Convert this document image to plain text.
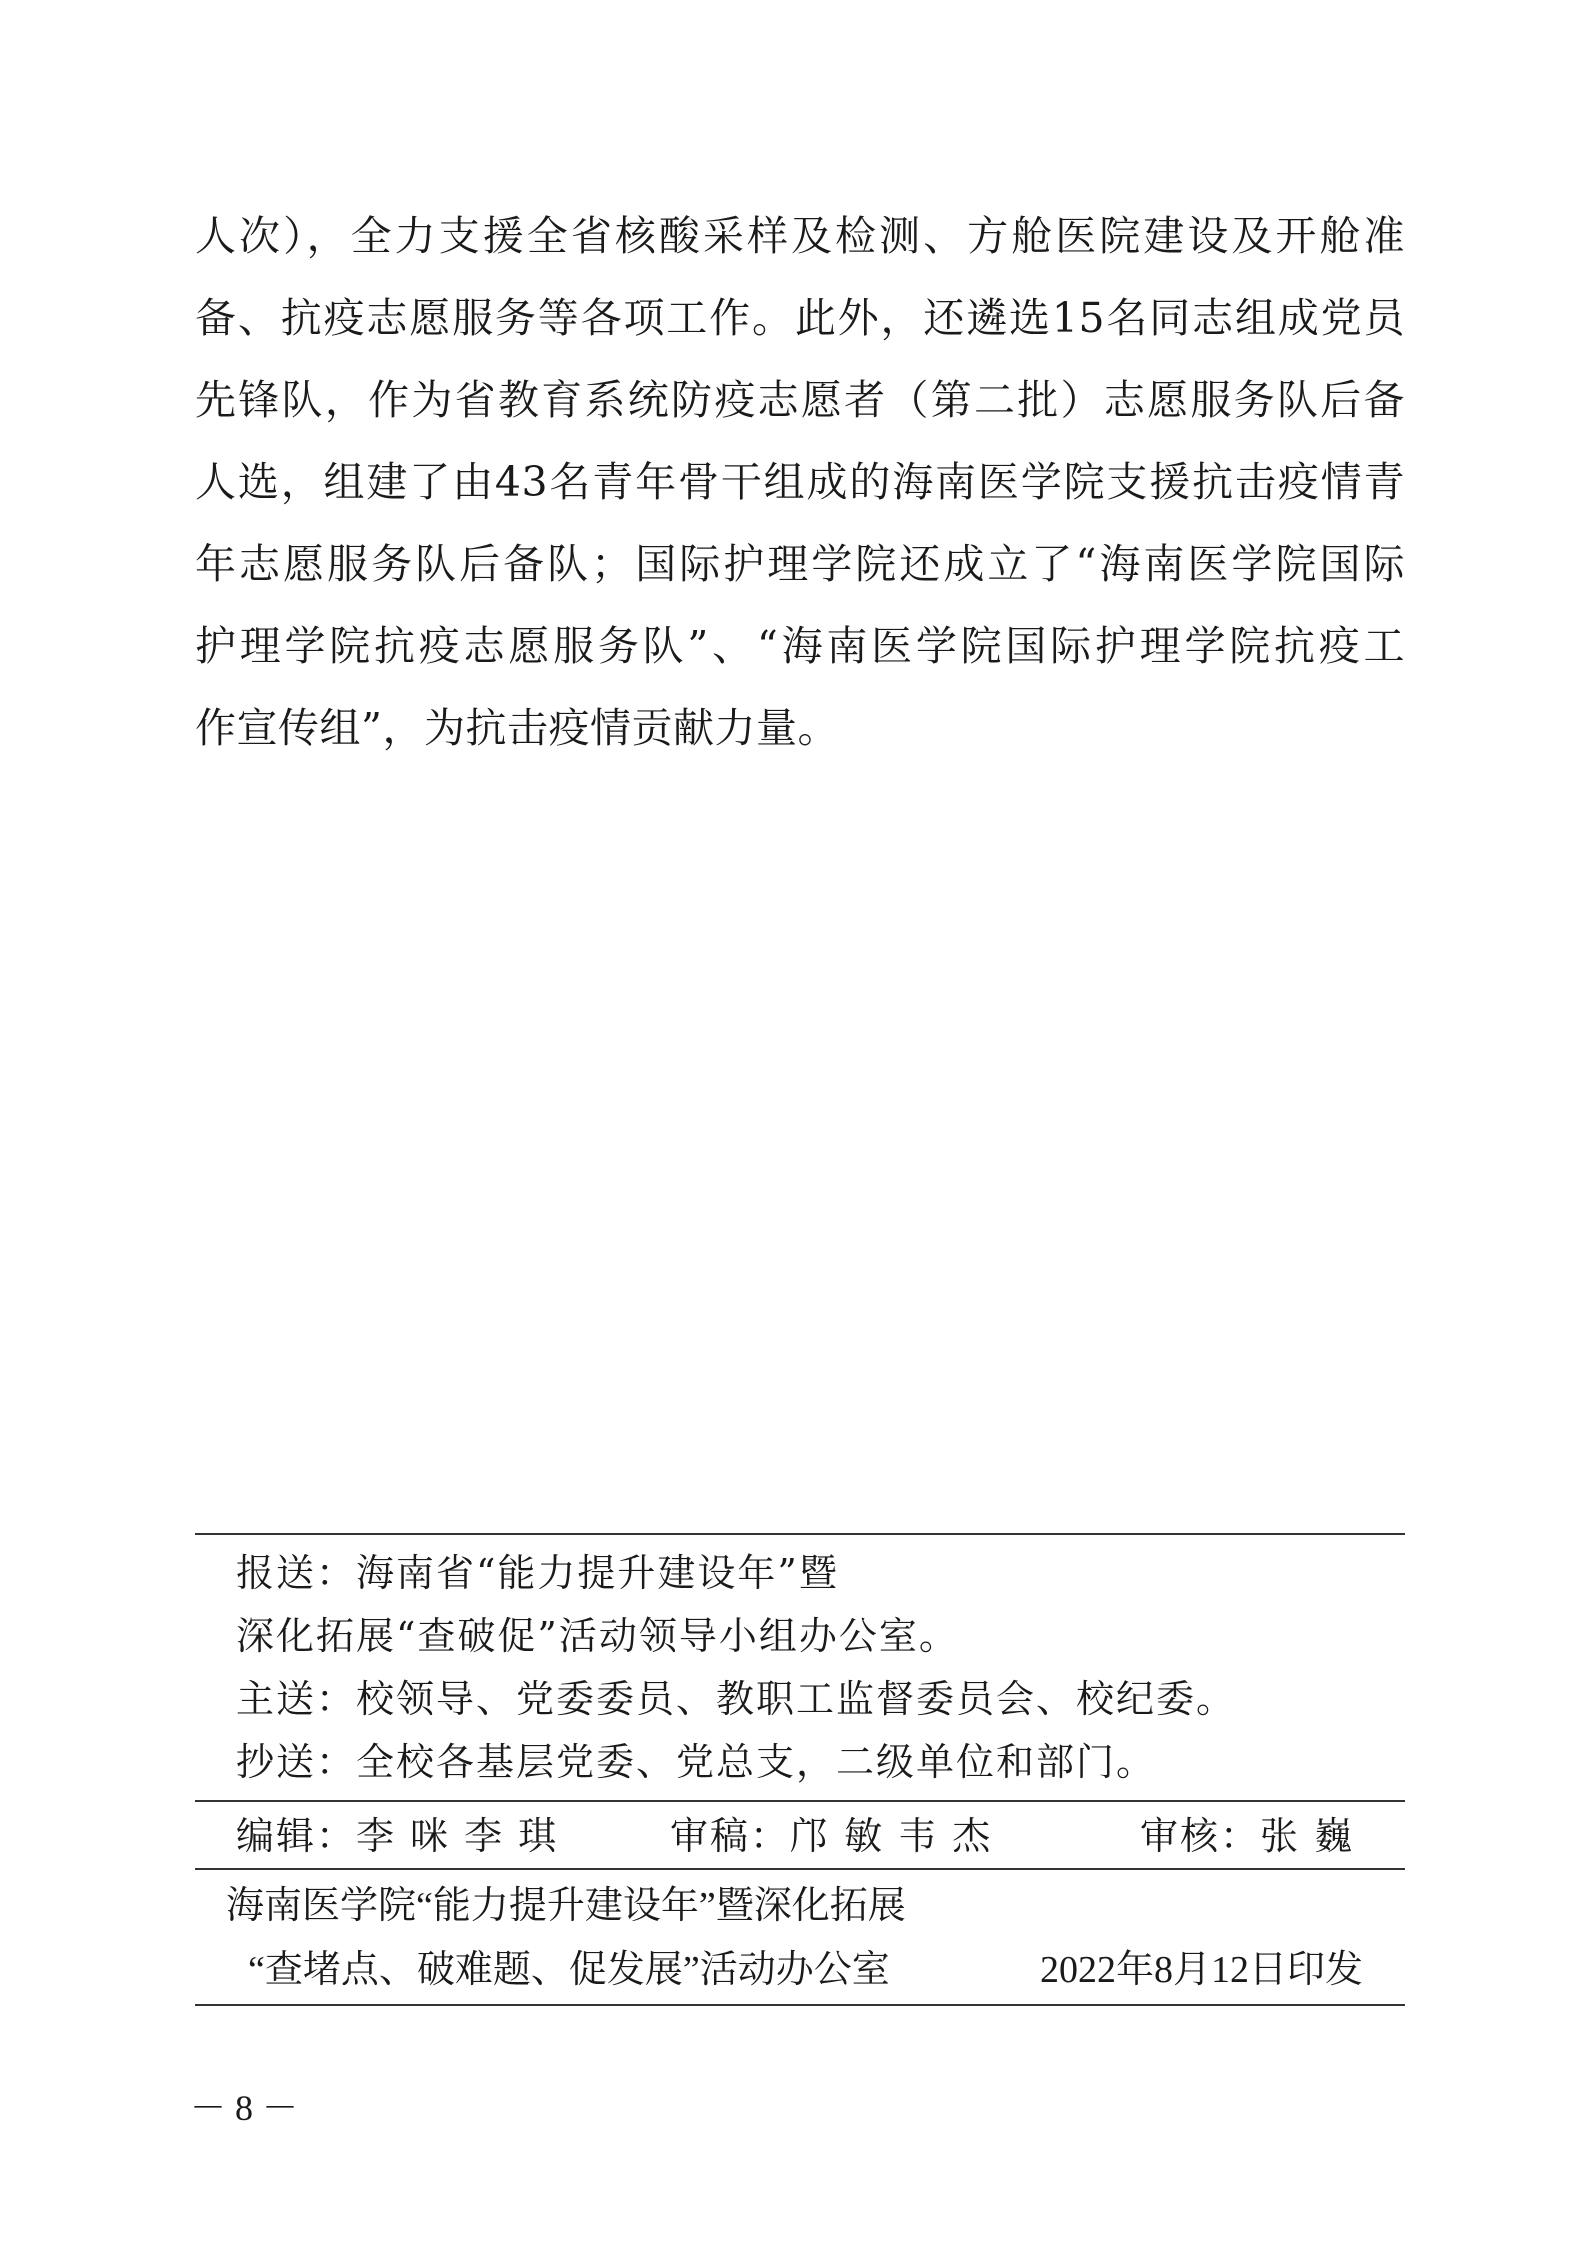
人次），全力支援全省核酸采样及检测、方舱医院建设及开舱准
备、抗疫志愿服务等各项工作。此外，还遴选15名同志组成党员
先锋队，作为省教育系统防疫志愿者（第二批）志愿服务队后备
人选，组建了由43名青年骨干组成的海南医学院支援抗击疫情青
年志愿服务队后备队；国际护理学院还成立了“海南医学院国际
护理学院抗疫志愿服务队”、“海南医学院国际护理学院抗疫工
作宣传组”，为抗击疫情贡献力量。
报送：海南省“能力提升建设年”暨
深化拓展“查破促”活动领导小组办公室。
主送：校领导、党委委员、教职工监督委员会、校纪委。
抄送：全校各基层党委、党总支，二级单位和部门。
编辑：李 咪 李 琪	审稿：邝 敏 韦 杰	审核：张 巍
海南医学院“能力提升建设年”暨深化拓展
“查堵点、破难题、促发展”活动办公室	2022年8月12日印发
－ 8 －
